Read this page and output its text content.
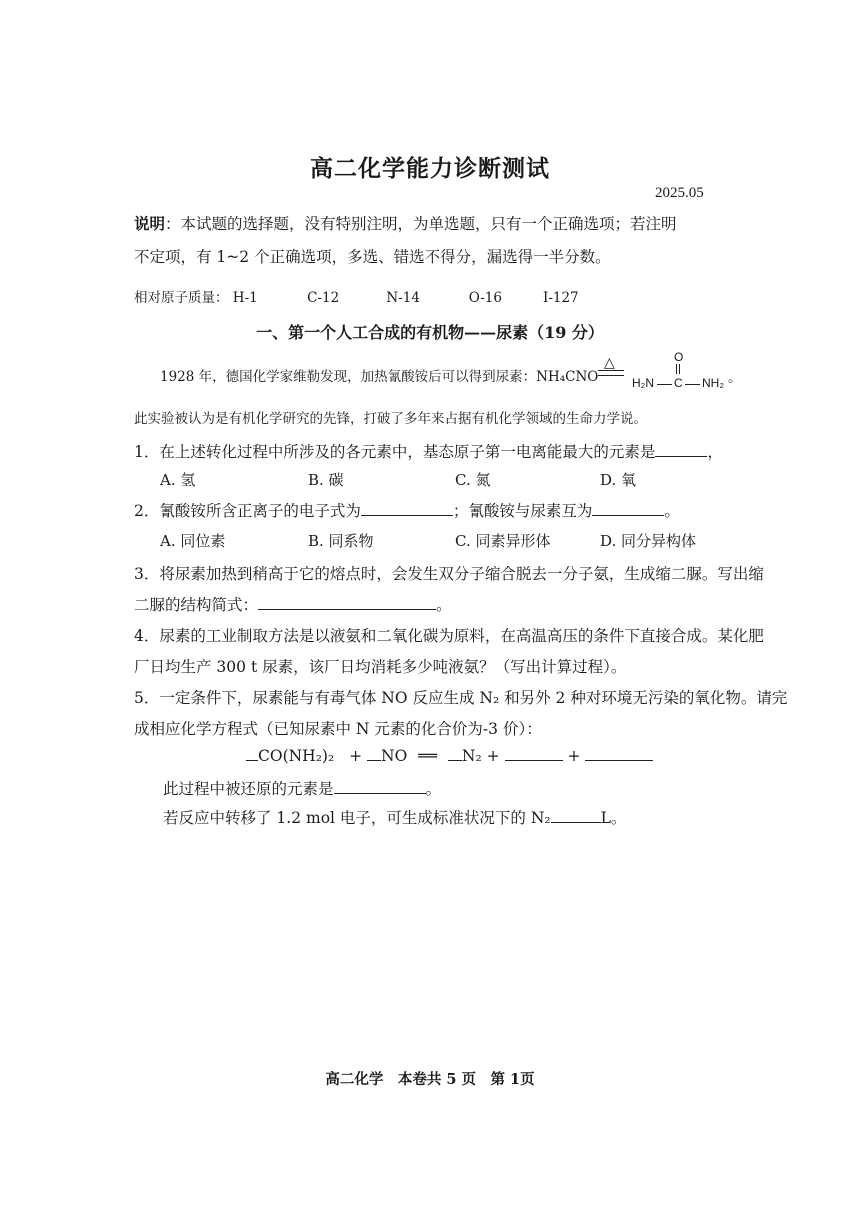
高二化学能力诊断测试
2025.05
说明：本试题的选择题，没有特别注明，为单选题，只有一个正确选项；若注明
不定项，有 1~2 个正确选项，多选、错选不得分，漏选得一半分数。
相对原子质量： H-1	C-12	N-14	O-16	I-127
一、第一个人工合成的有机物——尿素（19 分）
1928 年，德国化学家维勒发现，加热氰酸铵后可以得到尿素：NH₄CNO
△	O
H₂N C NH₂ 。
此实验被认为是有机化学研究的先锋，打破了多年来占据有机化学领域的生命力学说。
1．在上述转化过程中所涉及的各元素中，基态原子第一电离能最大的元素是	，
A. 氢	B. 碳	C. 氮	D. 氧
2．氰酸铵所含正离子的电子式为	；氰酸铵与尿素互为	。
A. 同位素	B. 同系物	C. 同素异形体	D. 同分异构体
3．将尿素加热到稍高于它的熔点时，会发生双分子缩合脱去一分子氨，生成缩二脲。写出缩
二脲的结构简式：	。
4．尿素的工业制取方法是以液氨和二氧化碳为原料，在高温高压的条件下直接合成。某化肥
厂日均生产 300 t 尿素，该厂日均消耗多少吨液氨？（写出计算过程）。
5．一定条件下，尿素能与有毒气体 NO 反应生成 N₂ 和另外 2 种对环境无污染的氧化物。请完
成相应化学方程式（已知尿素中 N 元素的化合价为-3 价）：
CO(NH₂)₂ + NO ══ N₂ +	+
此过程中被还原的元素是	。
若反应中转移了 1.2 mol 电子，可生成标准状况下的 N₂	L。
高二化学　本卷共 5 页　第 1页
